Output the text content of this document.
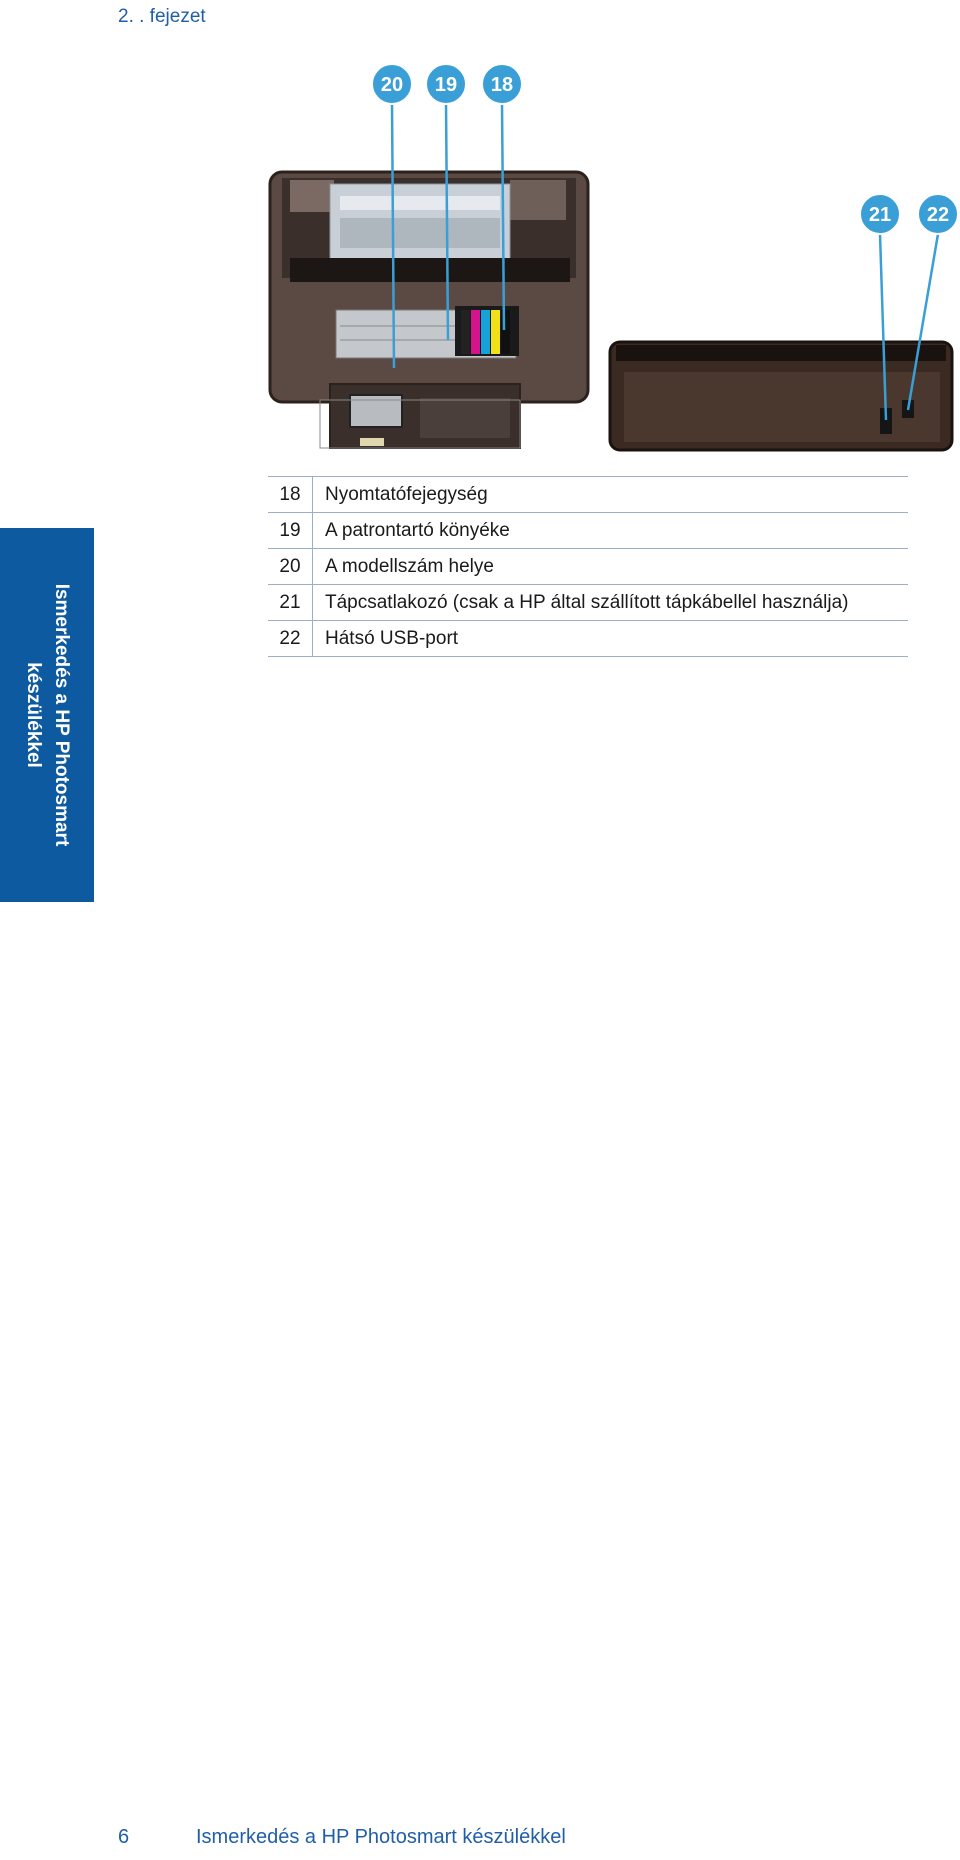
2. . fejezet
20 19 18
21 22
Ismerkedés a HP Photosmart
készülékkel
18	Nyomtatófejegység
19	A patrontartó könyéke
20	A modellszám helye
21	Tápcsatlakozó (csak a HP által szállított tápkábellel használja)
22	Hátsó USB-port
6	Ismerkedés a HP Photosmart készülékkel
